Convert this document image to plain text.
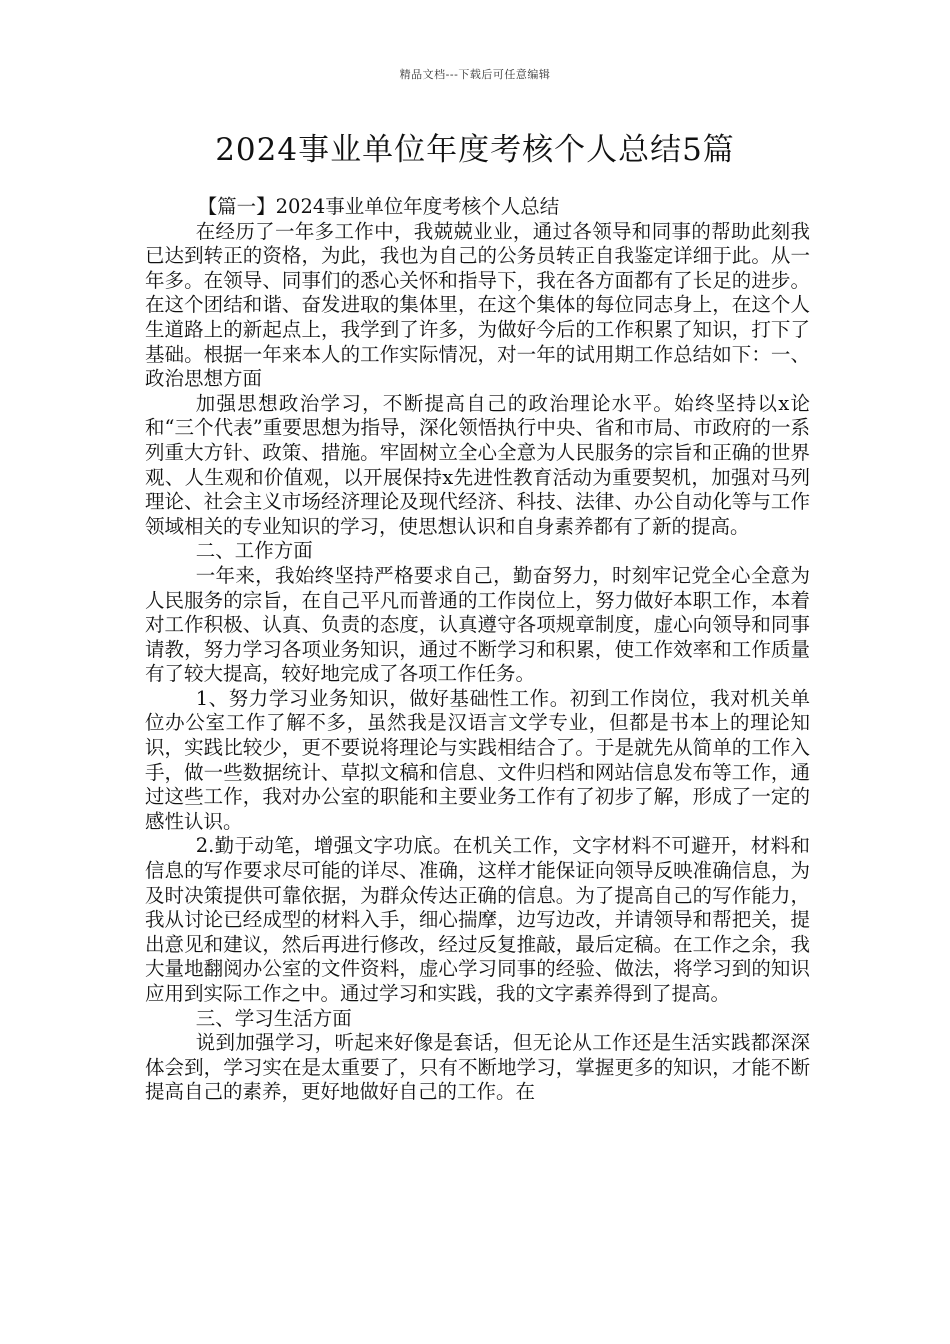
精品文档---下载后可任意编辑
2024事业单位年度考核个人总结5篇

【篇一】2024事业单位年度考核个人总结

在经历了一年多工作中，我兢兢业业，通过各领导和同事的帮助此刻我已达到转正的资格，为此，我也为自己的公务员转正自我鉴定详细于此。从一年多。在领导、同事们的悉心关怀和指导下，我在各方面都有了长足的进步。在这个团结和谐、奋发进取的集体里，在这个集体的每位同志身上，在这个人生道路上的新起点上，我学到了许多，为做好今后的工作积累了知识，打下了基础。根据一年来本人的工作实际情况，对一年的试用期工作总结如下：一、政治思想方面

加强思想政治学习，不断提高自己的政治理论水平。始终坚持以x论和“三个代表”重要思想为指导，深化领悟执行中央、省和市局、市政府的一系列重大方针、政策、措施。牢固树立全心全意为人民服务的宗旨和正确的世界观、人生观和价值观，以开展保持x先进性教育活动为重要契机，加强对马列理论、社会主义市场经济理论及现代经济、科技、法律、办公自动化等与工作领域相关的专业知识的学习，使思想认识和自身素养都有了新的提高。

二、工作方面

一年来，我始终坚持严格要求自己，勤奋努力，时刻牢记党全心全意为人民服务的宗旨，在自己平凡而普通的工作岗位上，努力做好本职工作，本着对工作积极、认真、负责的态度，认真遵守各项规章制度，虚心向领导和同事请教，努力学习各项业务知识，通过不断学习和积累，使工作效率和工作质量有了较大提高，较好地完成了各项工作任务。

1、努力学习业务知识，做好基础性工作。初到工作岗位，我对机关单位办公室工作了解不多，虽然我是汉语言文学专业，但都是书本上的理论知识，实践比较少，更不要说将理论与实践相结合了。于是就先从简单的工作入手，做一些数据统计、草拟文稿和信息、文件归档和网站信息发布等工作，通过这些工作，我对办公室的职能和主要业务工作有了初步了解，形成了一定的感性认识。

2.勤于动笔，增强文字功底。在机关工作，文字材料不可避开，材料和信息的写作要求尽可能的详尽、准确，这样才能保证向领导反映准确信息，为及时决策提供可靠依据，为群众传达正确的信息。为了提高自己的写作能力，我从讨论已经成型的材料入手，细心揣摩，边写边改，并请领导和帮把关，提出意见和建议，然后再进行修改，经过反复推敲，最后定稿。在工作之余，我大量地翻阅办公室的文件资料，虚心学习同事的经验、做法，将学习到的知识应用到实际工作之中。通过学习和实践，我的文字素养得到了提高。

三、学习生活方面

说到加强学习，听起来好像是套话，但无论从工作还是生活实践都深深体会到，学习实在是太重要了，只有不断地学习，掌握更多的知识，才能不断提高自己的素养，更好地做好自己的工作。在
